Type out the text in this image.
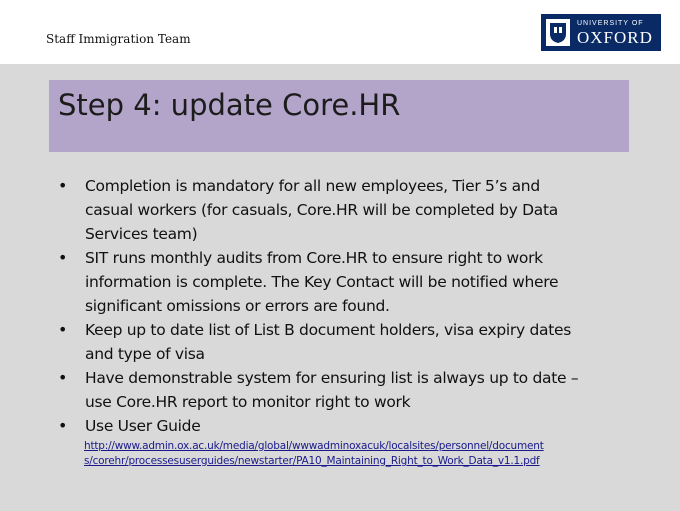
Staff Immigration Team
UNIVERSITY OF
OXFORD
Step 4: update Core.HR
• Completion is mandatory for all new employees, Tier 5’s and
casual workers (for casuals, Core.HR will be completed by Data
Services team)
• SIT runs monthly audits from Core.HR to ensure right to work
information is complete. The Key Contact will be notified where
significant omissions or errors are found.
• Keep up to date list of List B document holders, visa expiry dates
and type of visa
• Have demonstrable system for ensuring list is always up to date –
use Core.HR report to monitor right to work
• Use User Guide
http://www.admin.ox.ac.uk/media/global/wwwadminoxacuk/localsites/personnel/document
s/corehr/processesuserguides/newstarter/PA10_Maintaining_Right_to_Work_Data_v1.1.pdf
